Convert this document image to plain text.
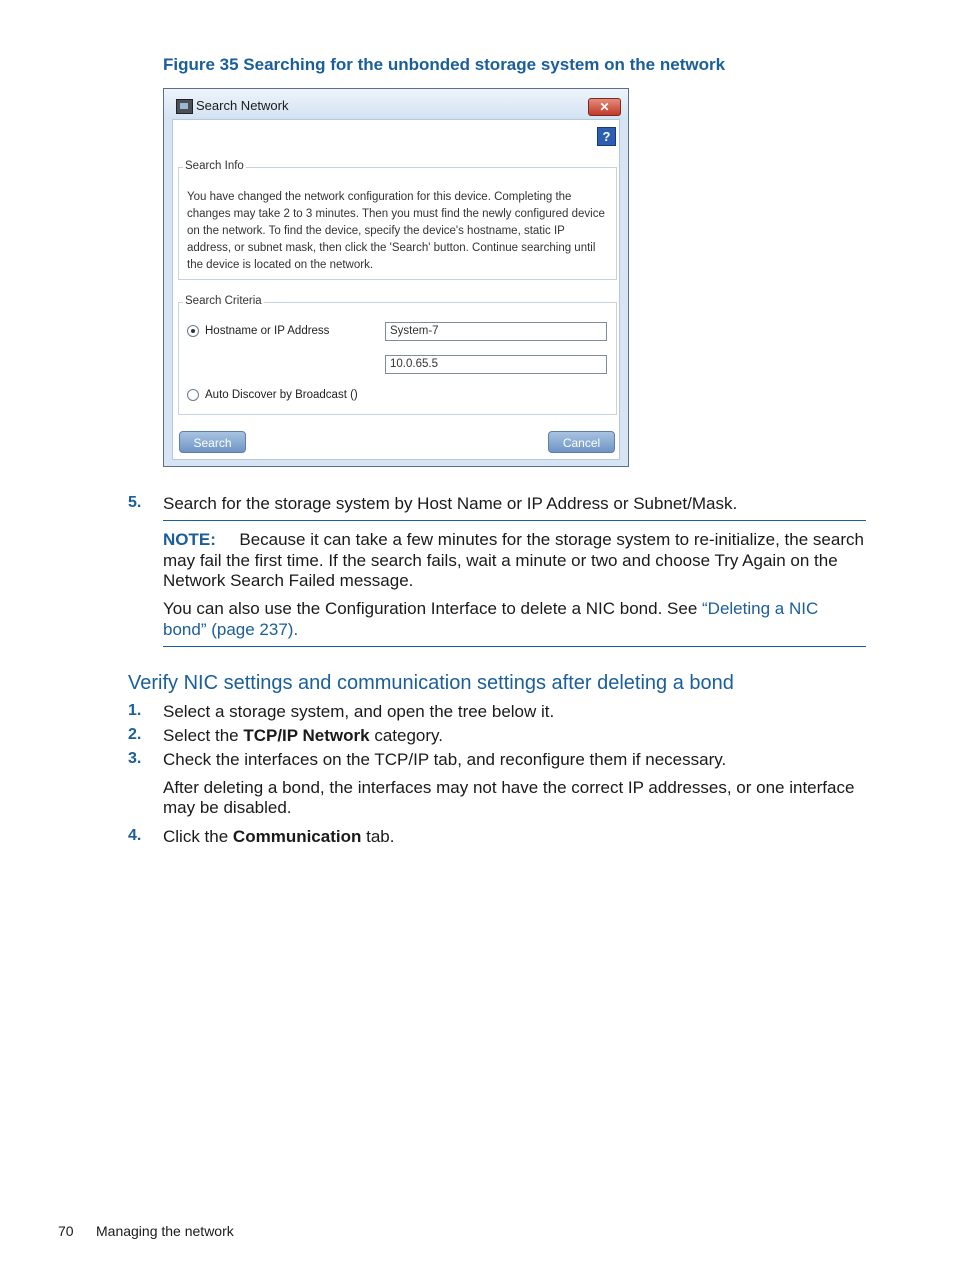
Figure 35 Searching for the unbonded storage system on the network
Search Network	✕
?
Search Info
You have changed the network configuration for this device. Completing the changes may take 2 to 3 minutes. Then you must find the newly configured device on the network. To find the device, specify the device's hostname, static IP address, or subnet mask, then click the 'Search' button. Continue searching until the device is located on the network.
Search Criteria
Hostname or IP Address	System-7
10.0.65.5
Auto Discover by Broadcast ()
Search	Cancel
5. Search for the storage system by Host Name or IP Address or Subnet/Mask.
NOTE: Because it can take a few minutes for the storage system to re-initialize, the search
may fail the first time. If the search fails, wait a minute or two and choose Try Again on the
Network Search Failed message.
You can also use the Configuration Interface to delete a NIC bond. See “Deleting a NIC
bond” (page 237).
Verify NIC settings and communication settings after deleting a bond
1. Select a storage system, and open the tree below it.
2. Select the TCP/IP Network category.
3. Check the interfaces on the TCP/IP tab, and reconfigure them if necessary.
After deleting a bond, the interfaces may not have the correct IP addresses, or one interface
may be disabled.
4. Click the Communication tab.
70 Managing the network
